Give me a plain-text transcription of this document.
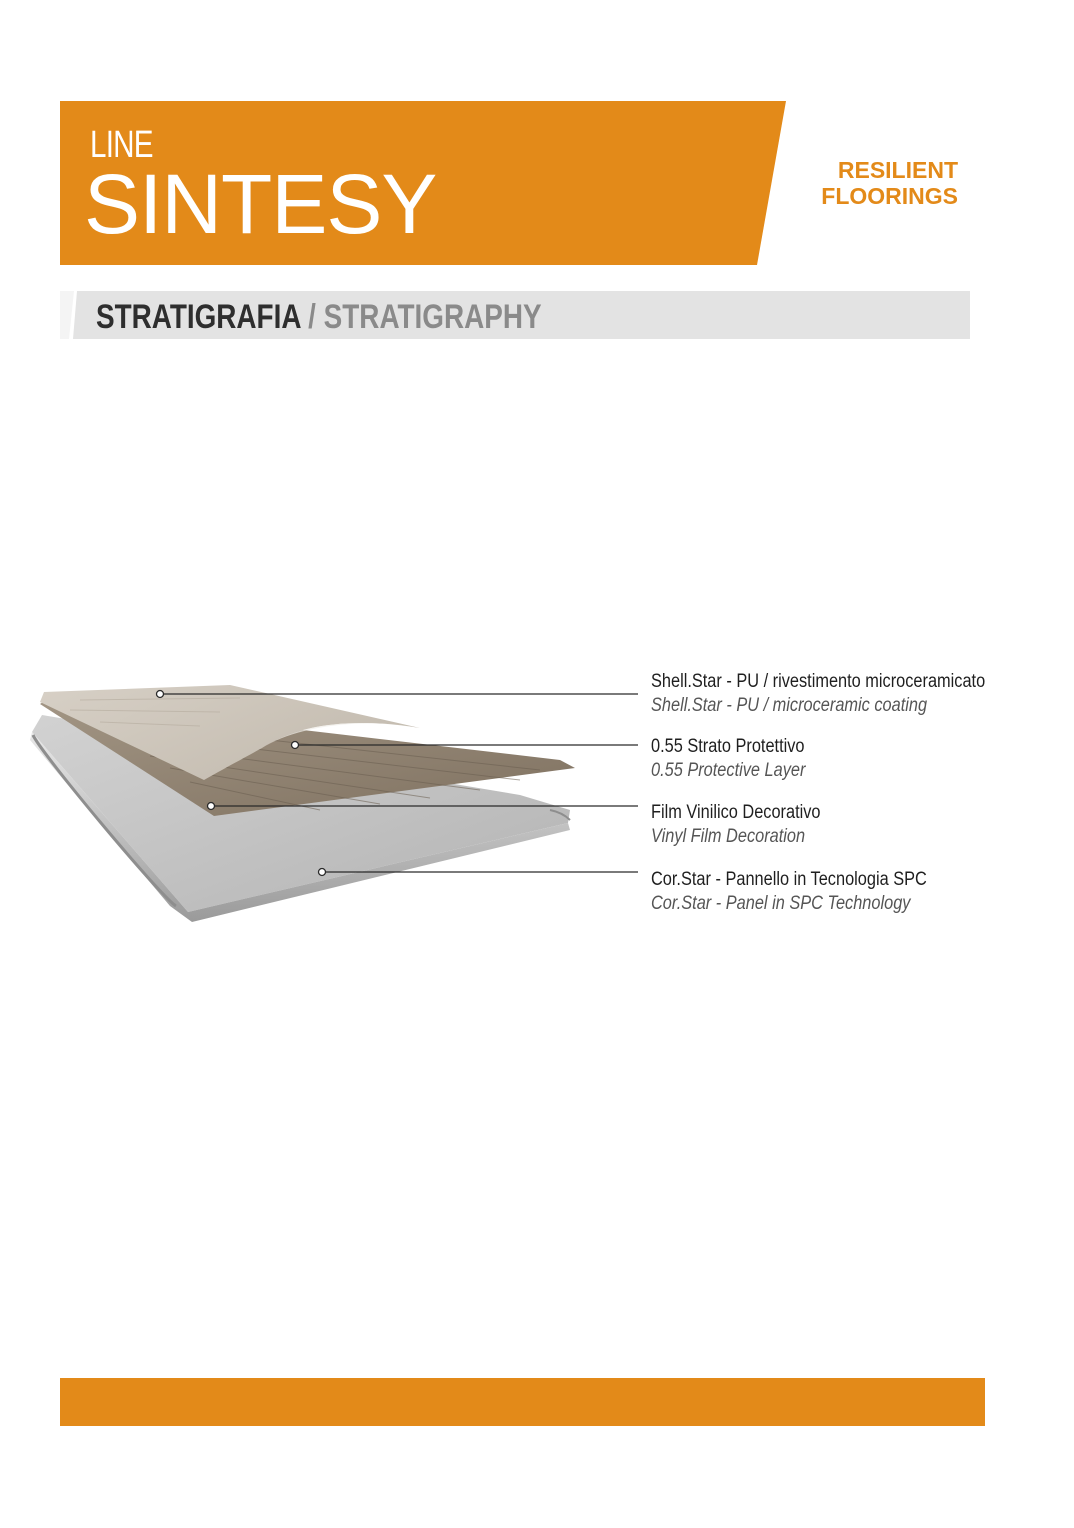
LINE
SINTESY	RESILIENT
FLOORINGS
STRATIGRAFIA / STRATIGRAPHY
Shell.Star - PU / rivestimento microceramicato
Shell.Star - PU / microceramic coating
0.55 Strato Protettivo
0.55 Protective Layer
Film Vinilico Decorativo
Vinyl Film Decoration
Cor.Star - Pannello in Tecnologia SPC
Cor.Star - Panel in SPC Technology
